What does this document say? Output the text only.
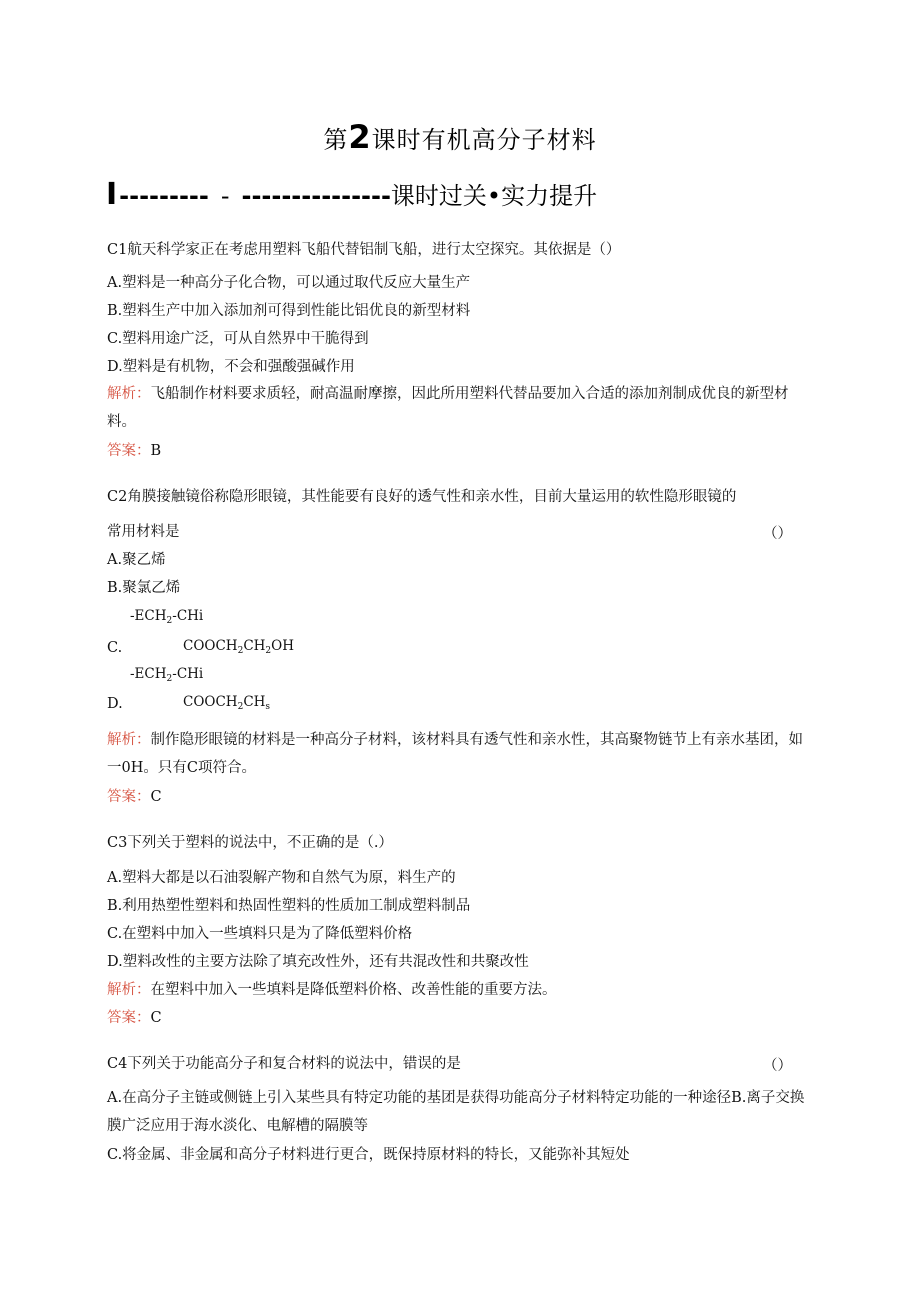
第2课时有机高分子材料
I--------- - ---------------课时过关•实力提升
C1航天科学家正在考虑用塑料飞船代替铝制飞船，进行太空探究。其依据是（）
A.塑料是一种高分子化合物，可以通过取代反应大量生产
B.塑料生产中加入添加剂可得到性能比铝优良的新型材料
C.塑料用途广泛，可从自然界中干脆得到
D.塑料是有机物，不会和强酸强碱作用
解析：飞船制作材料要求质轻，耐高温耐摩擦，因此所用塑料代替品要加入合适的添加剂制成优良的新型材料。
答案：B
C2角膜接触镜俗称隐形眼镜，其性能要有良好的透气性和亲水性，目前大量运用的软性隐形眼镜的
常用材料是	（）
A.聚乙烯
B.聚氯乙烯
$-ECH_2$-CHi
C.	$COOCH_2CH_2OH$
$-ECH_2$-CHi
D.	$COOCH_2CH_s$
解析：制作隐形眼镜的材料是一种高分子材料，该材料具有透气性和亲水性，其高聚物链节上有亲水基团，如一0H。只有C项符合。
答案：C
C3下列关于塑料的说法中，不正确的是（.）
A.塑料大都是以石油裂解产物和自然气为原，料生产的
B.利用热塑性塑料和热固性塑料的性质加工制成塑料制品
C.在塑料中加入一些填料只是为了降低塑料价格
D.塑料改性的主要方法除了填充改性外，还有共混改性和共聚改性
解析：在塑料中加入一些填料是降低塑料价格、改善性能的重要方法。
答案：C
C4下列关于功能高分子和复合材料的说法中，错误的是	（）
A.在高分子主链或侧链上引入某些具有特定功能的基团是获得功能高分子材料特定功能的一种途径B.离子交换膜广泛应用于海水淡化、电解槽的隔膜等
C.将金属、非金属和高分子材料进行更合，既保持原材料的特长，又能弥补其短处
